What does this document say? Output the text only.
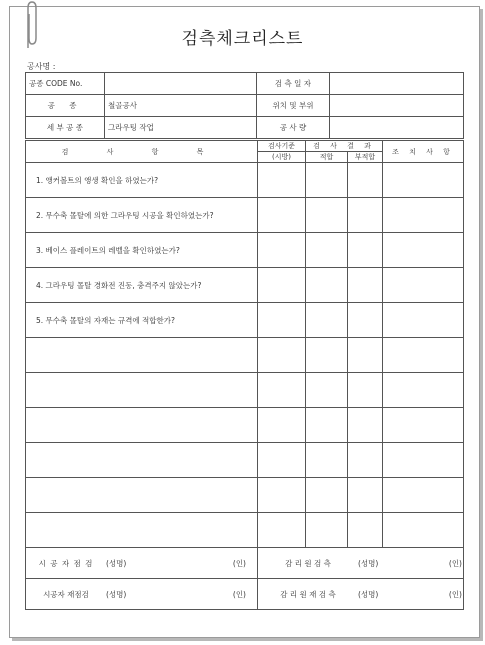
검측체크리스트
공사명 :
공종 CODE No.		검 측 일 자	
공 종	철골공사	위치 및 부위	
세 부 공 종	그라우팅 작업	공 사 량	
검 사 항 목	검사기준	검 사 결 과		조 치 사 항
	(시방)	적합	부적합	
1. 앵커볼트의 앵생 확인을 하였는가?				
2. 무수축 몰탈에 의한 그라우팅 시공을 확인하였는가?				
3. 베이스 플레이트의 레벨을 확인하였는가?				
4. 그라우팅 몰탈 경화전 진동, 충격주지 않았는가?				
5. 무수축 몰탈의 자재는 규격에 적합한가?				

시 공 자 점 검 (성명) (인)	감 리 원 검 측 (성명) (인)			

시공자 재점검 (성명) (인)	감 리 원 재 검 측 (성명) (인)			
